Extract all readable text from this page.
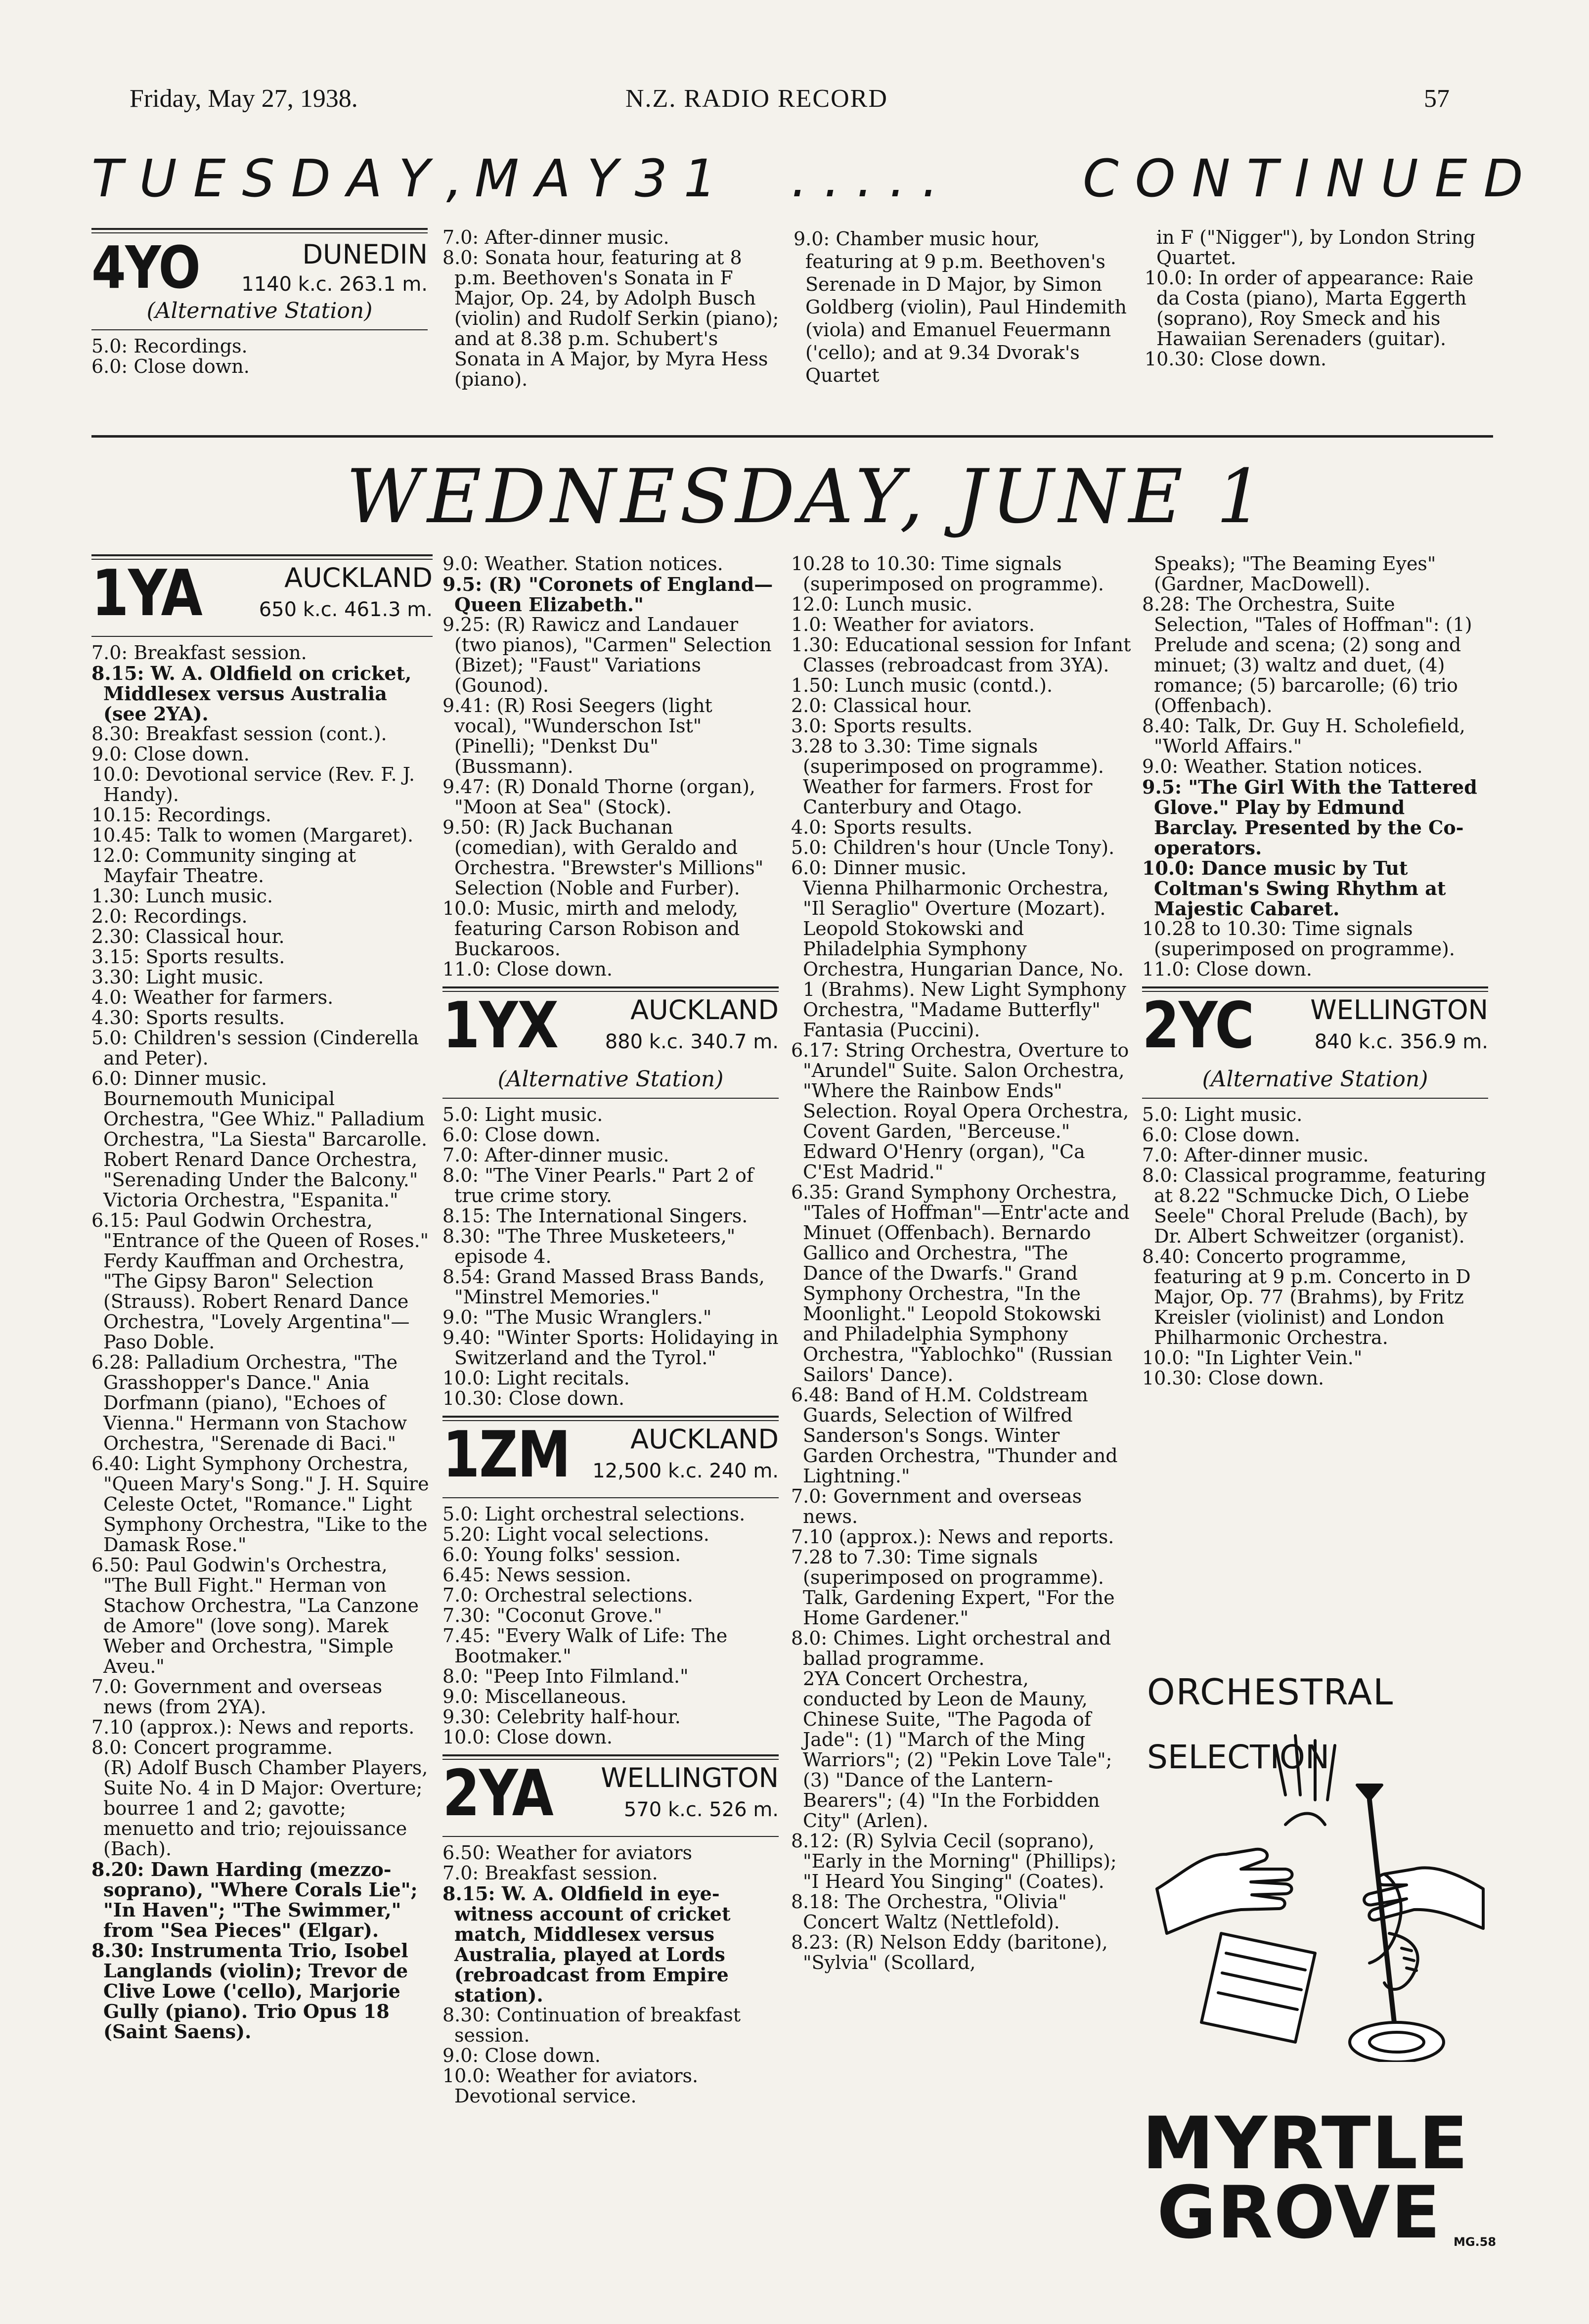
Friday, May 27, 1938.	N.Z. RADIO RECORD	57
T U E S D A Y , M A Y 3 1 . . . . .	C O N T I N U E D
4YO	DUNEDIN
1140 k.c. 263.1 m.
(Alternative Station)

5.0: Recordings.

6.0: Close down.

7.0: After-dinner music.

8.0: Sonata hour, featuring at 8 p.m. Beethoven's Sonata in F Major, Op. 24, by Adolph Busch (violin) and Rudolf Serkin (piano); and at 8.38 p.m. Schubert's Sonata in A Major, by Myra Hess (piano).

9.0: Chamber music hour, featuring at 9 p.m. Beethoven's Serenade in D Major, by Simon Goldberg (violin), Paul Hindemith (viola) and Emanuel Feuermann ('cello); and at 9.34 Dvorak's Quartet

in F ("Nigger"), by London String Quartet.

10.0: In order of appearance: Raie da Costa (piano), Marta Eggerth (soprano), Roy Smeck and his Hawaiian Serenaders (guitar).

10.30: Close down.

WEDNESDAY, JUNE 1
1YA	AUCKLAND
650 k.c. 461.3 m.

7.0: Breakfast session.

8.15: W. A. Oldfield on cricket, Middlesex versus Australia (see 2YA).

8.30: Breakfast session (cont.).

9.0: Close down.

10.0: Devotional service (Rev. F. J. Handy).

10.15: Recordings.

10.45: Talk to women (Margaret).

12.0: Community singing at Mayfair Theatre.

1.30: Lunch music.

2.0: Recordings.

2.30: Classical hour.

3.15: Sports results.

3.30: Light music.

4.0: Weather for farmers.

4.30: Sports results.

5.0: Children's session (Cinderella and Peter).

6.0: Dinner music.

Bournemouth Municipal Orchestra, "Gee Whiz." Palladium Orchestra, "La Siesta" Barcarolle. Robert Renard Dance Orchestra, "Serenading Under the Balcony." Victoria Orchestra, "Espanita."

6.15: Paul Godwin Orchestra, "Entrance of the Queen of Roses." Ferdy Kauffman and Orchestra, "The Gipsy Baron" Selection (Strauss). Robert Renard Dance Orchestra, "Lovely Argentina"—Paso Doble.

6.28: Palladium Orchestra, "The Grasshopper's Dance." Ania Dorfmann (piano), "Echoes of Vienna." Hermann von Stachow Orchestra, "Serenade di Baci."

6.40: Light Symphony Orchestra, "Queen Mary's Song." J. H. Squire Celeste Octet, "Romance." Light Symphony Orchestra, "Like to the Damask Rose."

6.50: Paul Godwin's Orchestra, "The Bull Fight." Herman von Stachow Orchestra, "La Canzone de Amore" (love song). Marek Weber and Orchestra, "Simple Aveu."

7.0: Government and overseas news (from 2YA).

7.10 (approx.): News and reports.

8.0: Concert programme.

(R) Adolf Busch Chamber Players, Suite No. 4 in D Major: Overture; bourree 1 and 2; gavotte; menuetto and trio; rejouissance (Bach).

8.20: Dawn Harding (mezzo-soprano), "Where Corals Lie"; "In Haven"; "The Swimmer," from "Sea Pieces" (Elgar).

8.30: Instrumenta Trio, Isobel Langlands (violin); Trevor de Clive Lowe ('cello), Marjorie Gully (piano). Trio Opus 18 (Saint Saens).

9.0: Weather. Station notices.

9.5: (R) "Coronets of England—Queen Elizabeth."

9.25: (R) Rawicz and Landauer (two pianos), "Carmen" Selection (Bizet); "Faust" Variations (Gounod).

9.41: (R) Rosi Seegers (light vocal), "Wunderschon Ist" (Pinelli); "Denkst Du" (Bussmann).

9.47: (R) Donald Thorne (organ), "Moon at Sea" (Stock).

9.50: (R) Jack Buchanan (comedian), with Geraldo and Orchestra. "Brewster's Millions" Selection (Noble and Furber).

10.0: Music, mirth and melody, featuring Carson Robison and Buckaroos.

11.0: Close down.

1YX	AUCKLAND
880 k.c. 340.7 m.
(Alternative Station)

5.0: Light music.

6.0: Close down.

7.0: After-dinner music.

8.0: "The Viner Pearls." Part 2 of true crime story.

8.15: The International Singers.

8.30: "The Three Musketeers," episode 4.

8.54: Grand Massed Brass Bands, "Minstrel Memories."

9.0: "The Music Wranglers."

9.40: "Winter Sports: Holidaying in Switzerland and the Tyrol."

10.0: Light recitals.

10.30: Close down.

1ZM AUCKLAND
12,500 k.c. 240 m.

5.0: Light orchestral selections.

5.20: Light vocal selections.

6.0: Young folks' session.

6.45: News session.

7.0: Orchestral selections.

7.30: "Coconut Grove."

7.45: "Every Walk of Life: The Bootmaker."

8.0: "Peep Into Filmland."

9.0: Miscellaneous.

9.30: Celebrity half-hour.

10.0: Close down.

2YA WELLINGTON
570 k.c. 526 m.

6.50: Weather for aviators

7.0: Breakfast session.

8.15: W. A. Oldfield in eye-witness account of cricket match, Middlesex versus Australia, played at Lords (rebroadcast from Empire station).

8.30: Continuation of breakfast session.

9.0: Close down.

10.0: Weather for aviators. Devotional service.

10.28 to 10.30: Time signals (superimposed on programme).

12.0: Lunch music.

1.0: Weather for aviators.

1.30: Educational session for Infant Classes (rebroadcast from 3YA).

1.50: Lunch music (contd.).

2.0: Classical hour.

3.0: Sports results.

3.28 to 3.30: Time signals (superimposed on programme). Weather for farmers. Frost for Canterbury and Otago.

4.0: Sports results.

5.0: Children's hour (Uncle Tony).

6.0: Dinner music.

Vienna Philharmonic Orchestra, "Il Seraglio" Overture (Mozart). Leopold Stokowski and Philadelphia Symphony Orchestra, Hungarian Dance, No. 1 (Brahms). New Light Symphony Orchestra, "Madame Butterfly" Fantasia (Puccini).

6.17: String Orchestra, Overture to "Arundel" Suite. Salon Orchestra, "Where the Rainbow Ends" Selection. Royal Opera Orchestra, Covent Garden, "Berceuse." Edward O'Henry (organ), "Ca C'Est Madrid."

6.35: Grand Symphony Orchestra, "Tales of Hoffman"—Entr'acte and Minuet (Offenbach). Bernardo Gallico and Orchestra, "The Dance of the Dwarfs." Grand Symphony Orchestra, "In the Moonlight." Leopold Stokowski and Philadelphia Symphony Orchestra, "Yablochko" (Russian Sailors' Dance).

6.48: Band of H.M. Coldstream Guards, Selection of Wilfred Sanderson's Songs. Winter Garden Orchestra, "Thunder and Lightning."

7.0: Government and overseas news.

7.10 (approx.): News and reports.

7.28 to 7.30: Time signals (superimposed on programme).

Talk, Gardening Expert, "For the Home Gardener."

8.0: Chimes. Light orchestral and ballad programme.

2YA Concert Orchestra, conducted by Leon de Mauny, Chinese Suite, "The Pagoda of Jade": (1) "March of the Ming Warriors"; (2) "Pekin Love Tale"; (3) "Dance of the Lantern-Bearers"; (4) "In the Forbidden City" (Arlen).

8.12: (R) Sylvia Cecil (soprano), "Early in the Morning" (Phillips); "I Heard You Singing" (Coates).

8.18: The Orchestra, "Olivia" Concert Waltz (Nettlefold).

8.23: (R) Nelson Eddy (baritone), "Sylvia" (Scollard,

Speaks); "The Beaming Eyes" (Gardner, MacDowell).

8.28: The Orchestra, Suite Selection, "Tales of Hoffman": (1) Prelude and scena; (2) song and minuet; (3) waltz and duet, (4) romance; (5) barcarolle; (6) trio (Offenbach).

8.40: Talk, Dr. Guy H. Scholefield, "World Affairs."

9.0: Weather. Station notices.

9.5: "The Girl With the Tattered Glove." Play by Edmund Barclay. Presented by the Co-operators.

10.0: Dance music by Tut Coltman's Swing Rhythm at Majestic Cabaret.

10.28 to 10.30: Time signals (superimposed on programme).

11.0: Close down.

2YC WELLINGTON
840 k.c. 356.9 m.
(Alternative Station)

5.0: Light music.

6.0: Close down.

7.0: After-dinner music.

8.0: Classical programme, featuring at 8.22 "Schmucke Dich, O Liebe Seele" Choral Prelude (Bach), by Dr. Albert Schweitzer (organist).

8.40: Concerto programme, featuring at 9 p.m. Concerto in D Major, Op. 77 (Brahms), by Fritz Kreisler (violinist) and London Philharmonic Orchestra.

10.0: "In Lighter Vein."

10.30: Close down.

ORCHESTRAL
SELECTION
MYRTLE
GROVE MG.58
